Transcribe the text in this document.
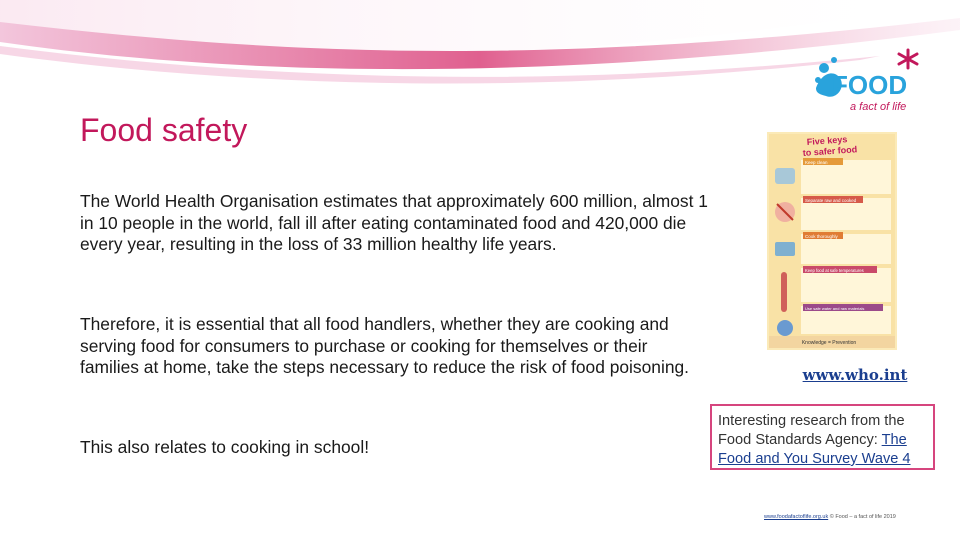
FOOD
a fact of life
Food safety

The World Health Organisation estimates that approximately 600 million, almost 1 in 10 people in the world, fall ill after eating contaminated food and 420,000 die every year, resulting in the loss of 33 million healthy life years.

Therefore, it is essential that all food handlers, whether they are cooking and serving food for consumers to purchase or cooking for themselves or their families at home, take the steps necessary to reduce the risk of food poisoning.

This also relates to cooking in school!

Five keys
to safer food
Keep clean
Separate raw and cooked
Cook thoroughly
Keep food at safe temperatures
Use safe water and raw materials
Knowledge = Prevention
www.who.int
Interesting research from the Food Standards Agency: The Food and You Survey Wave 4
www.foodafactoflife.org.uk © Food – a fact of life 2019
